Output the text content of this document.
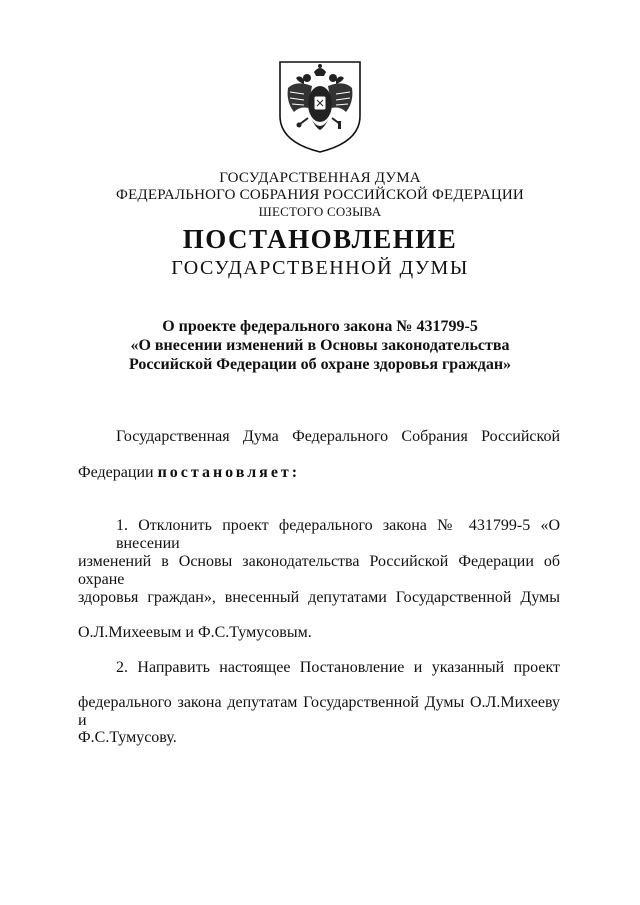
ГОСУДАРСТВЕННАЯ ДУМА
ФЕДЕРАЛЬНОГО СОБРАНИЯ РОССИЙСКОЙ ФЕДЕРАЦИИ
ШЕСТОГО СОЗЫВА
ПОСТАНОВЛЕНИЕ
ГОСУДАРСТВЕННОЙ ДУМЫ
О проекте федерального закона № 431799-5
«О внесении изменений в Основы законодательства
Российской Федерации об охране здоровья граждан»
Государственная Дума Федерального Собрания Российской
Федерации постановляет:
1. Отклонить проект федерального закона № 431799-5 «О внесении
изменений в Основы законодательства Российской Федерации об охране
здоровья граждан», внесенный депутатами Государственной Думы
О.Л.Михеевым и Ф.С.Тумусовым.
2. Направить настоящее Постановление и указанный проект
федерального закона депутатам Государственной Думы О.Л.Михееву и
Ф.С.Тумусову.
